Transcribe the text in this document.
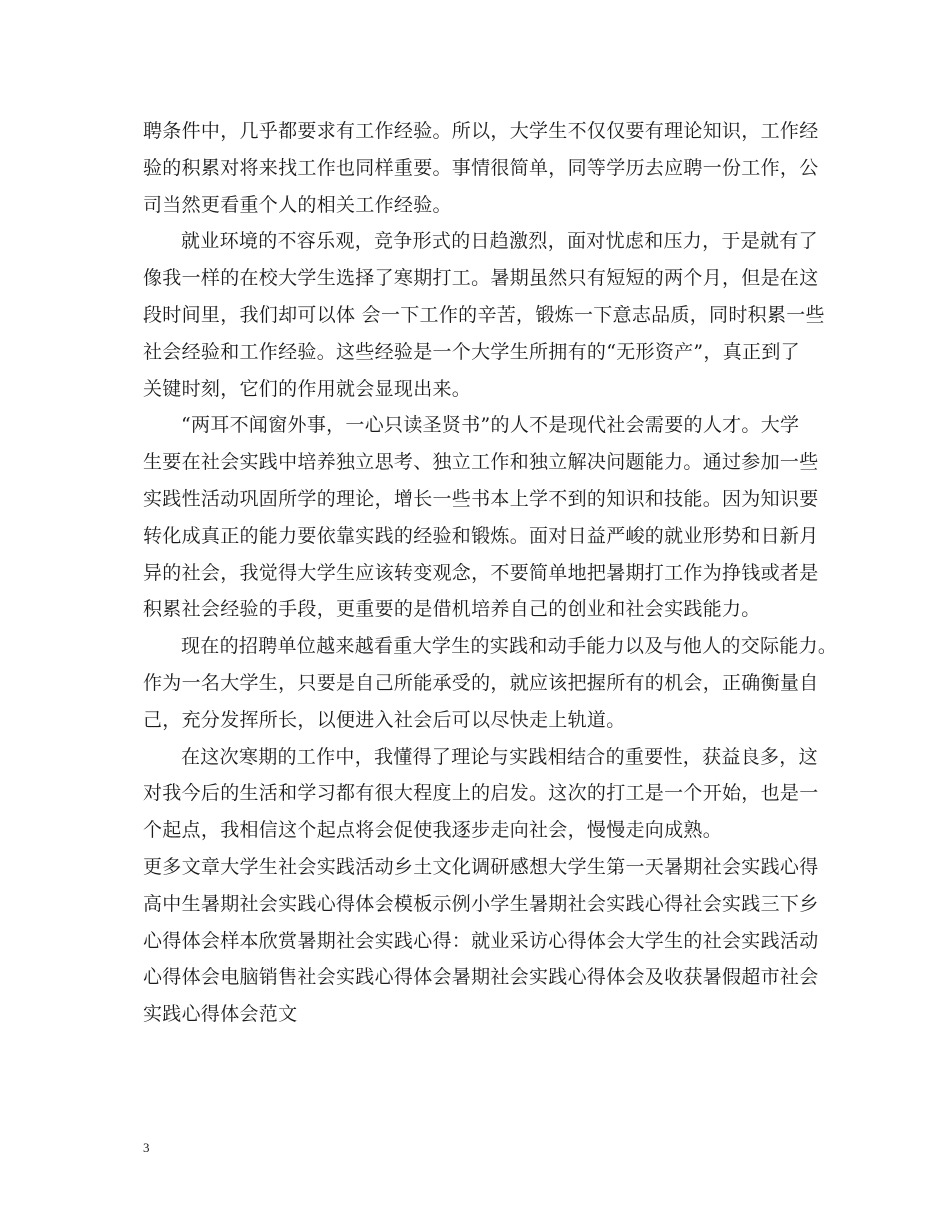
聘条件中，几乎都要求有工作经验。所以，大学生不仅仅要有理论知识，工作经
验的积累对将来找工作也同样重要。事情很简单，同等学历去应聘一份工作，公
司当然更看重个人的相关工作经验。
就业环境的不容乐观，竞争形式的日趋激烈，面对忧虑和压力，于是就有了
像我一样的在校大学生选择了寒期打工。暑期虽然只有短短的两个月，但是在这
段时间里，我们却可以体 会一下工作的辛苦，锻炼一下意志品质，同时积累一些
社会经验和工作经验。这些经验是一个大学生所拥有的“无形资产”，真正到了
关键时刻，它们的作用就会显现出来。
“两耳不闻窗外事，一心只读圣贤书”的人不是现代社会需要的人才。大学
生要在社会实践中培养独立思考、独立工作和独立解决问题能力。通过参加一些
实践性活动巩固所学的理论，增长一些书本上学不到的知识和技能。因为知识要
转化成真正的能力要依靠实践的经验和锻炼。面对日益严峻的就业形势和日新月
异的社会，我觉得大学生应该转变观念，不要简单地把暑期打工作为挣钱或者是
积累社会经验的手段，更重要的是借机培养自己的创业和社会实践能力。
现在的招聘单位越来越看重大学生的实践和动手能力以及与他人的交际能力。
作为一名大学生，只要是自己所能承受的，就应该把握所有的机会，正确衡量自
己，充分发挥所长，以便进入社会后可以尽快走上轨道。
在这次寒期的工作中，我懂得了理论与实践相结合的重要性，获益良多，这
对我今后的生活和学习都有很大程度上的启发。这次的打工是一个开始，也是一
个起点，我相信这个起点将会促使我逐步走向社会，慢慢走向成熟。
更多文章大学生社会实践活动乡土文化调研感想大学生第一天暑期社会实践心得
高中生暑期社会实践心得体会模板示例小学生暑期社会实践心得社会实践三下乡
心得体会样本欣赏暑期社会实践心得：就业采访心得体会大学生的社会实践活动
心得体会电脑销售社会实践心得体会暑期社会实践心得体会及收获暑假超市社会
实践心得体会范文
3
